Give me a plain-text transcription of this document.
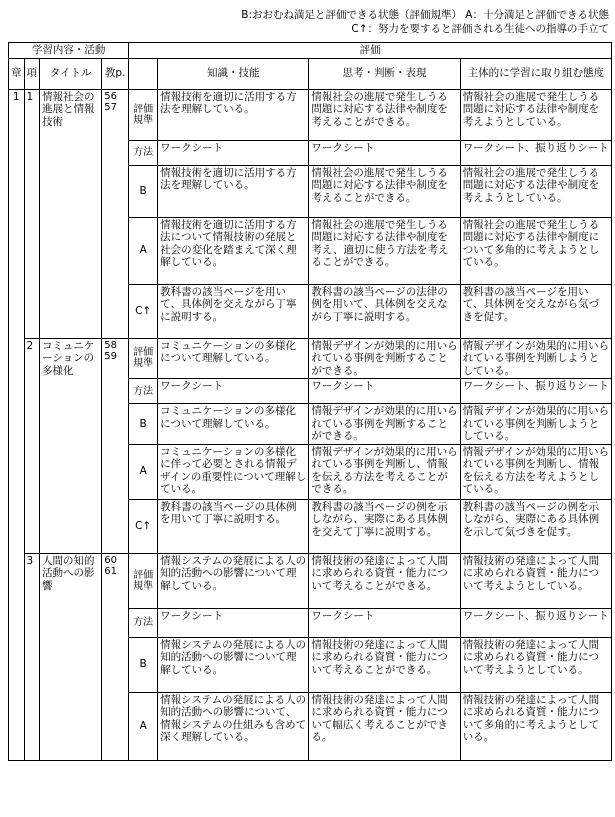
B:おおむね満足と評価できる状態（評価規準） A：十分満足と評価できる状態
C↑：努力を要すると評価される生徒への指導の手立て
学習内容・活動				評価			
章	項	タイトル	教p.		知識・技能	思考・判断・表現	主体的に学習に取り組む態度
1	1	情報社会の進展と情報技術	56 57	評価規準	情報技術を適切に活用する方法を理解している。	情報社会の進展で発生しうる問題に対応する法律や制度を考えることができる。	情報社会の進展で発生しうる問題に対応する法律や制度を考えようとしている。
				方法	ワークシート	ワークシート	ワークシート、振り返りシート
				B	情報技術を適切に活用する方法を理解している。	情報社会の進展で発生しうる問題に対応する法律や制度を考えることができる。	情報社会の進展で発生しうる問題に対応する法律や制度を考えようとしている。
				A	情報技術を適切に活用する方法について情報技術の発展と社会の変化を踏まえて深く理解している。	情報社会の進展で発生しうる問題に対応する法律や制度を考え、適切に使う方法を考えることができる。	情報社会の進展で発生しうる問題に対応する法律や制度について多角的に考えようとしている。
				C↑	教科書の該当ページを用いて、具体例を交えながら丁寧に説明する。	教科書の該当ページの法律の例を用いて、具体例を交えながら丁寧に説明する。	教科書の該当ページを用いて、具体例を交えながら気づきを促す。
	2	コミュニケーションの多様化	58 59	評価規準	コミュニケーションの多様化について理解している。	情報デザインが効果的に用いられている事例を判断することができる。	情報デザインが効果的に用いられている事例を判断しようとしている。
				方法	ワークシート	ワークシート	ワークシート、振り返りシート
				B	コミュニケーションの多様化について理解している。	情報デザインが効果的に用いられている事例を判断することができる。	情報デザインが効果的に用いられている事例を判断しようとしている。
				A	コミュニケーションの多様化に伴って必要とされる情報デザインの重要性について理解している。	情報デザインが効果的に用いられている事例を判断し、情報を伝える方法を考えることができる。	情報デザインが効果的に用いられている事例を判断し、情報を伝える方法を考えようとしている。
				C↑	教科書の該当ページの具体例を用いて丁寧に説明する。	教科書の該当ページの例を示しながら、実際にある具体例を交えて丁寧に説明する。	教科書の該当ページの例を示しながら、実際にある具体例を示して気づきを促す。
	3	人間の知的活動への影響	60 61	評価規準	情報システムの発展による人の知的活動への影響について理解している。	情報技術の発達によって人間に求められる資質・能力について考えることができる。	情報技術の発達によって人間に求められる資質・能力について考えようとしている。
				方法	ワークシート	ワークシート	ワークシート、振り返りシート
				B	情報システムの発展による人の知的活動への影響について理解している。	情報技術の発達によって人間に求められる資質・能力について考えることができる。	情報技術の発達によって人間に求められる資質・能力について考えようとしている。
				A	情報システムの発展による人の知的活動への影響について、情報システムの仕組みも含めて深く理解している。	情報技術の発達によって人間に求められる資質・能力について幅広く考えることができる。	情報技術の発達によって人間に求められる資質・能力について多角的に考えようとしている。
